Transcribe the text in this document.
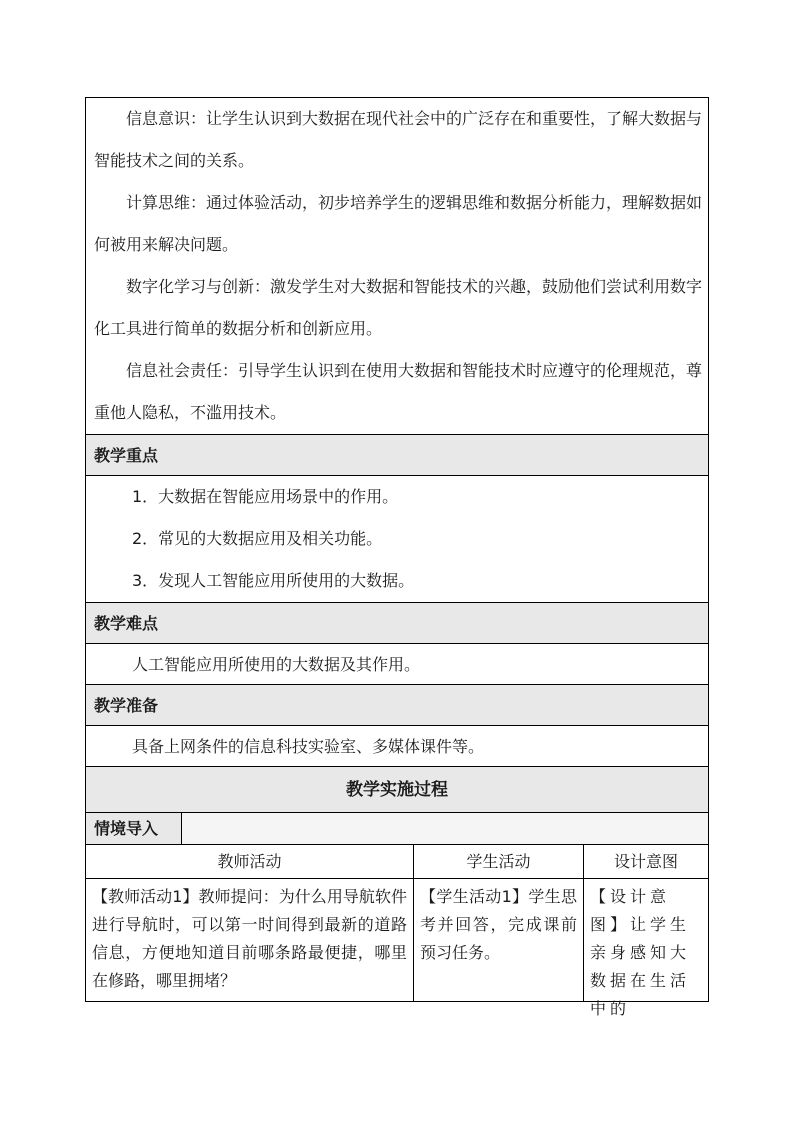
信息意识：让学生认识到大数据在现代社会中的广泛存在和重要性，了解大数据与智能技术之间的关系。
计算思维：通过体验活动，初步培养学生的逻辑思维和数据分析能力，理解数据如何被用来解决问题。
数字化学习与创新：激发学生对大数据和智能技术的兴趣，鼓励他们尝试利用数字化工具进行简单的数据分析和创新应用。
信息社会责任：引导学生认识到在使用大数据和智能技术时应遵守的伦理规范，尊重他人隐私，不滥用技术。
教学重点
1．大数据在智能应用场景中的作用。
2．常见的大数据应用及相关功能。
3．发现人工智能应用所使用的大数据。
教学难点
人工智能应用所使用的大数据及其作用。
教学准备
具备上网条件的信息科技实验室、多媒体课件等。
教学实施过程
情境导入
教师活动	学生活动	设计意图
【教师活动1】教师提问：为什么用导航软件进行导航时，可以第一时间得到最新的道路信息，方便地知道目前哪条路最便捷，哪里在修路，哪里拥堵？
【学生活动1】学生思考并回答，完成课前预习任务。
【设计意图】让学生亲身感知大数据在生活中的
